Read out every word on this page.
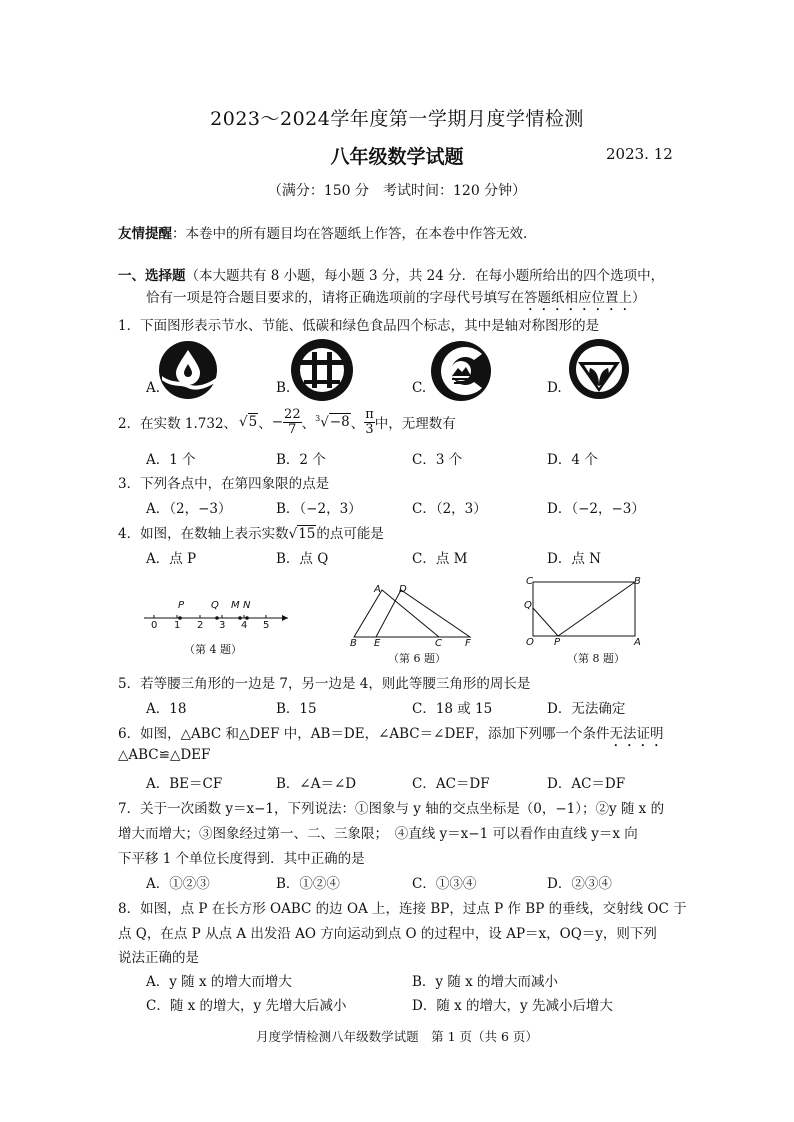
2023～2024学年度第一学期月度学情检测
八年级数学试题	2023. 12
（满分：150 分　考试时间：120 分钟）
友情提醒：本卷中的所有题目均在答题纸上作答，在本卷中作答无效.
一、选择题（本大题共有 8 小题，每小题 3 分，共 24 分．在每小题所给出的四个选项中，
恰有一项是符合题目要求的，请将正确选项前的字母代号填写在答题纸相应位置上）
1．下面图形表示节水、节能、低碳和绿色食品四个标志，其中是轴对称图形的是
A.	B.	C.	D.
2．在实数 1.732、 √5 、 − $\frac{22}{7}$ 、 $^3$√−8 、 $\frac{\pi}{3}$ 中，无理数有
A．1 个	B．2 个	C．3 个	D．4 个
3．下列各点中，在第四象限的点是
A．（2，−3）	B．（−2，3）	C．（2，3）	D．（−2，−3）
4．如图，在数轴上表示实数√15的点可能是
A．点 P	B．点 Q	C．点 M	D．点 N
0 1 2 3 4 5
P	Q M N
（第 4 题）
A D
B E	C F
（第 6 题）
C	B
Q
O P	A
（第 8 题）
5．若等腰三角形的一边是 7，另一边是 4，则此等腰三角形的周长是
A．18	B．15	C．18 或 15	D．无法确定
6．如图，△ABC 和△DEF 中，AB＝DE，∠ABC＝∠DEF，添加下列哪一个条件无法证明
△ABC≌△DEF
A．BE＝CF	B．∠A＝∠D	C．AC＝DF	D．AC＝DF
7．关于一次函数 y＝x−1，下列说法：①图象与 y 轴的交点坐标是（0，−1）；②y 随 x 的
增大而增大；③图象经过第一、二、三象限；　④直线 y＝x−1 可以看作由直线 y＝x 向
下平移 1 个单位长度得到．其中正确的是
A．①②③	B．①②④	C．①③④	D．②③④
8．如图，点 P 在长方形 OABC 的边 OA 上，连接 BP，过点 P 作 BP 的垂线，交射线 OC 于
点 Q，在点 P 从点 A 出发沿 AO 方向运动到点 O 的过程中，设 AP＝x，OQ＝y，则下列
说法正确的是
A．y 随 x 的增大而增大	B．y 随 x 的增大而减小
C．随 x 的增大，y 先增大后减小	D．随 x 的增大，y 先减小后增大
月度学情检测八年级数学试题　第 1 页（共 6 页）
